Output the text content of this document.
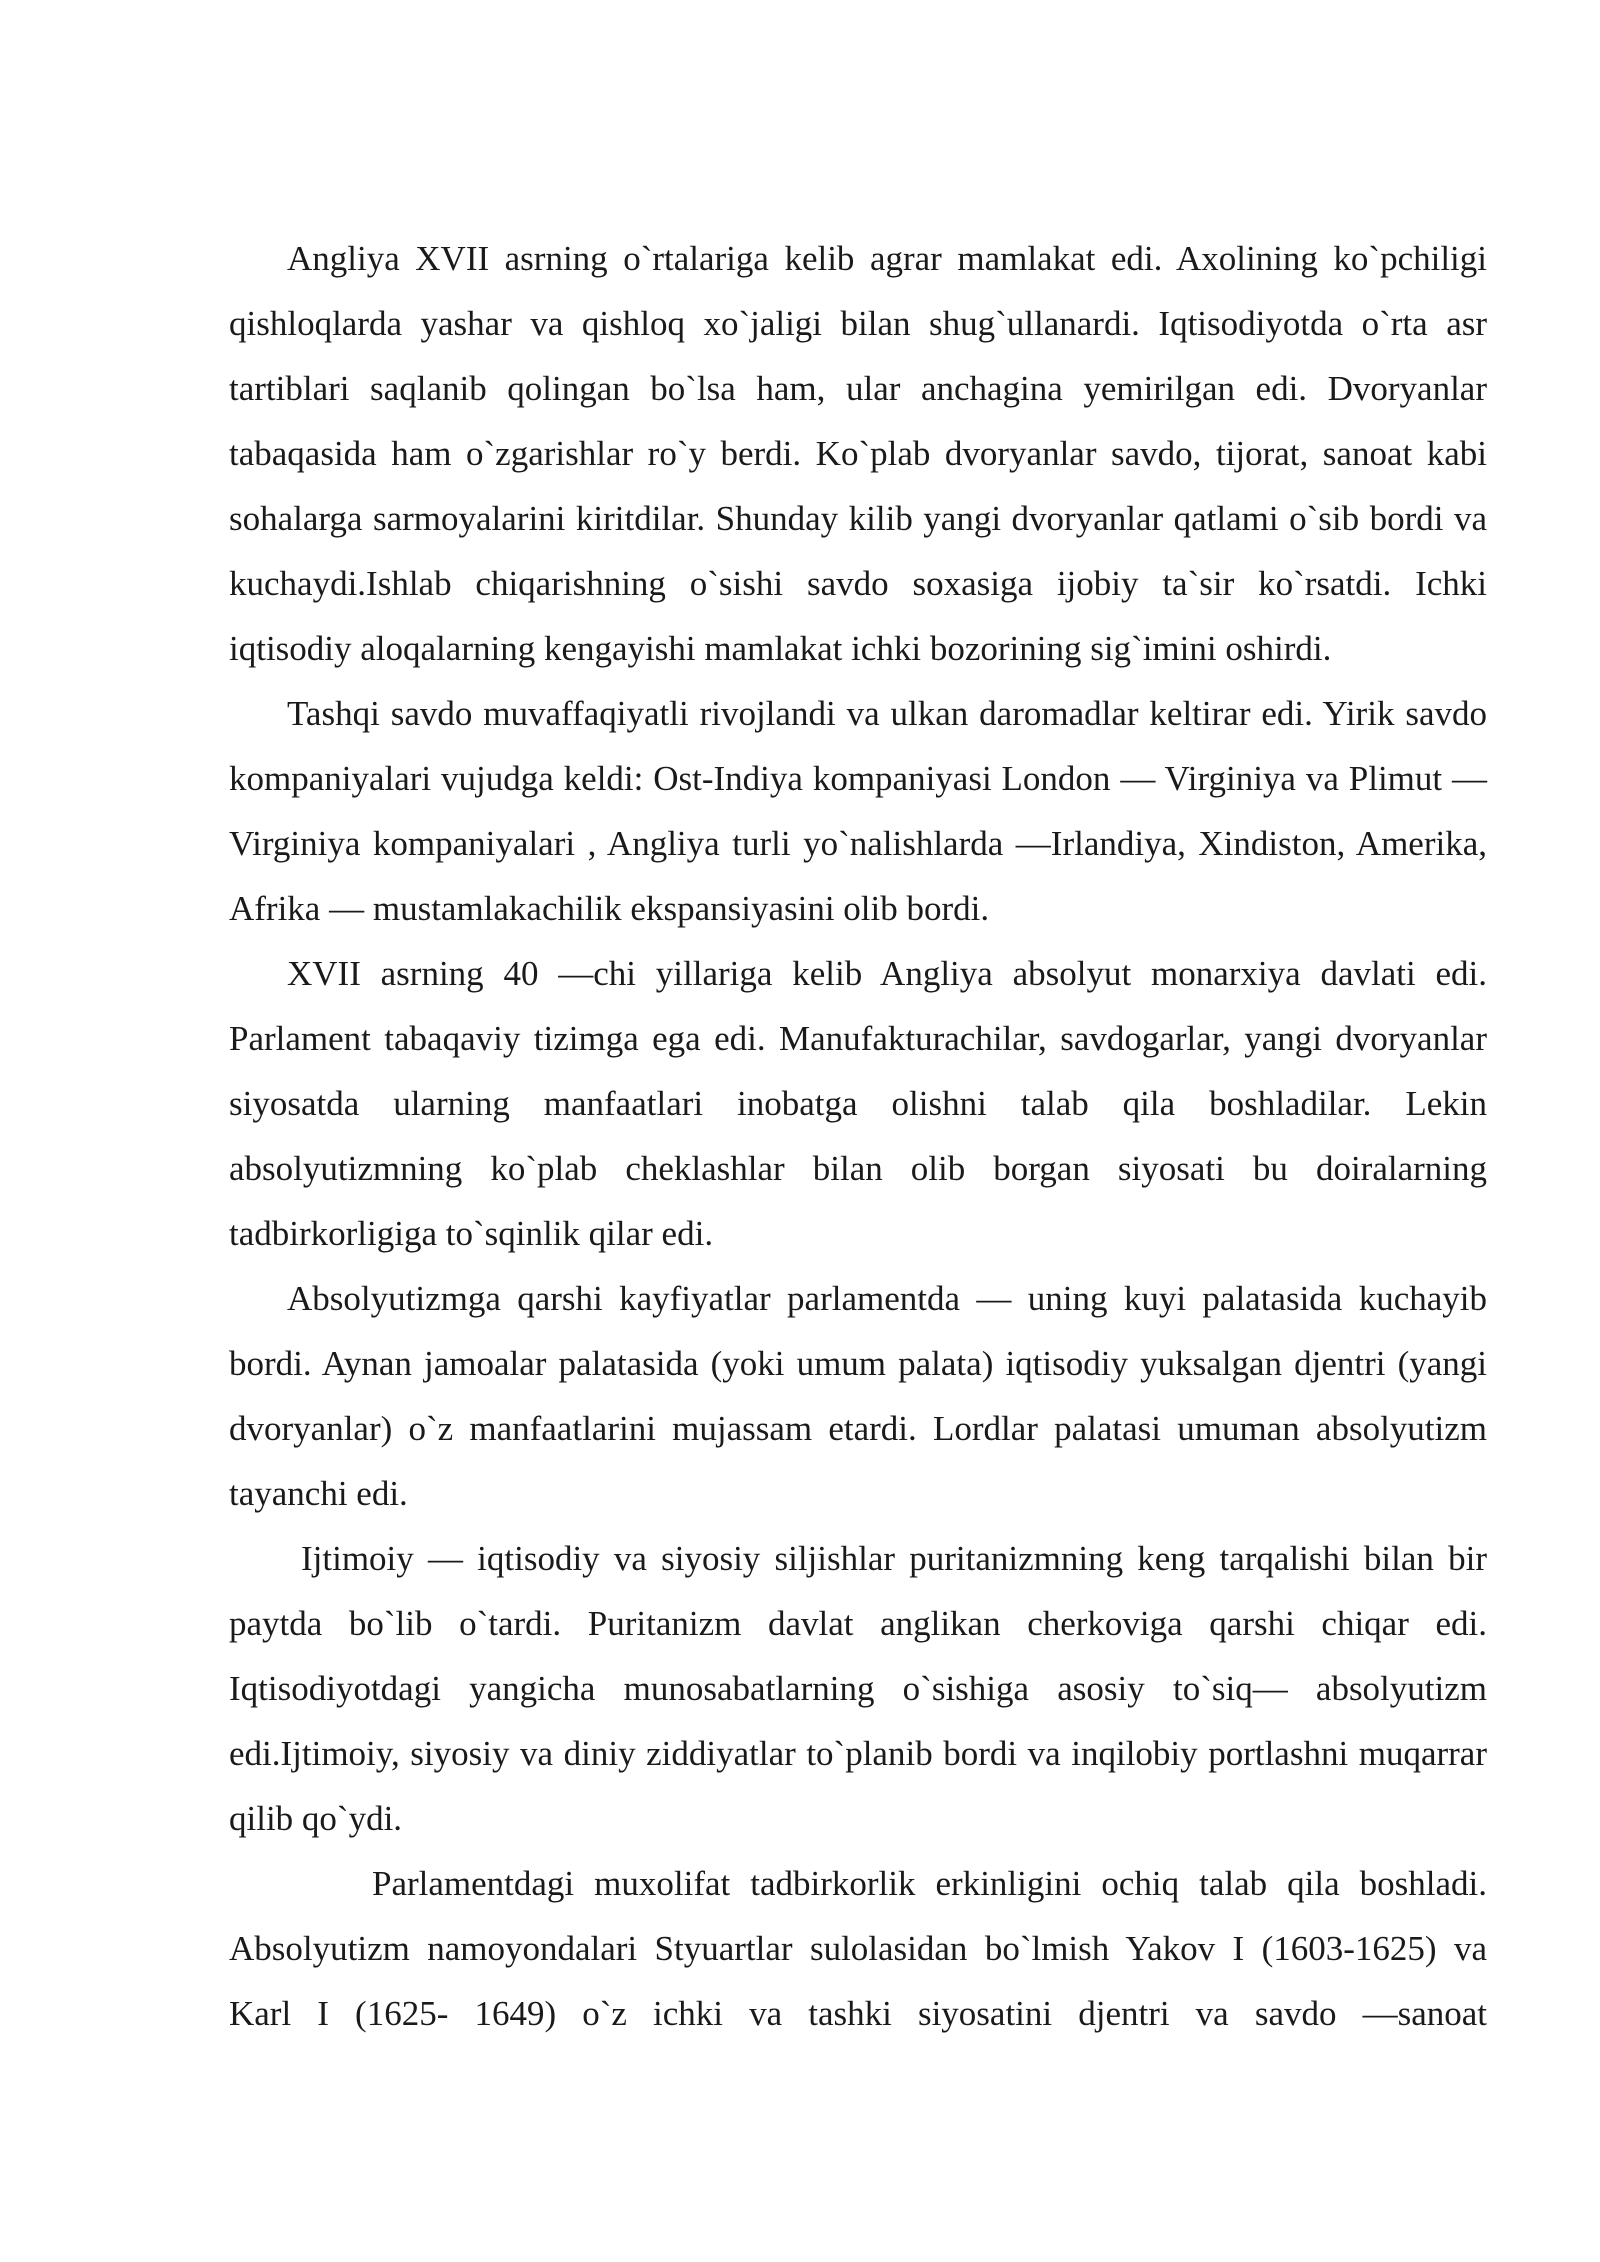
Angliya XVII asrning o`rtalariga kelib agrar mamlakat edi. Axolining ko`pchiligi qishloqlarda yashar va qishloq xo`jaligi bilan shug`ullanardi. Iqtisodiyotda o`rta asr tartiblari saqlanib qolingan bo`lsa ham, ular anchagina yemirilgan edi. Dvoryanlar tabaqasida ham o`zgarishlar ro`y berdi. Ko`plab dvoryanlar savdo, tijorat, sanoat kabi sohalarga sarmoyalarini kiritdilar. Shunday kilib yangi dvoryanlar qatlami o`sib bordi va kuchaydi.Ishlab chiqarishning o`sishi savdo soxasiga ijobiy ta`sir ko`rsatdi. Ichki iqtisodiy aloqalarning kengayishi mamlakat ichki bozorining sig`imini oshirdi.

Tashqi savdo muvaffaqiyatli rivojlandi va ulkan daromadlar keltirar edi. Yirik savdo kompaniyalari vujudga keldi: Ost-Indiya kompaniyasi London — Virginiya va Plimut — Virginiya kompaniyalari , Angliya turli yo`nalishlarda —Irlandiya, Xindiston, Amerika, Afrika — mustamlakachilik ekspansiyasini olib bordi.

XVII asrning 40 —chi yillariga kelib Angliya absolyut monarxiya davlati edi. Parlament tabaqaviy tizimga ega edi. Manufakturachilar, savdogarlar, yangi dvoryanlar siyosatda ularning manfaatlari inobatga olishni talab qila boshladilar. Lekin absolyutizmning ko`plab cheklashlar bilan olib borgan siyosati bu doiralarning tadbirkorligiga to`sqinlik qilar edi.

Absolyutizmga qarshi kayfiyatlar parlamentda — uning kuyi palatasida kuchayib bordi. Aynan jamoalar palatasida (yoki umum palata) iqtisodiy yuksalgan djentri (yangi dvoryanlar) o`z manfaatlarini mujassam etardi. Lordlar palatasi umuman absolyutizm tayanchi edi.

Ijtimoiy — iqtisodiy va siyosiy siljishlar puritanizmning keng tarqalishi bilan bir paytda bo`lib o`tardi. Puritanizm davlat anglikan cherkoviga qarshi chiqar edi. Iqtisodiyotdagi yangicha munosabatlarning o`sishiga asosiy to`siq— absolyutizm edi.Ijtimoiy, siyosiy va diniy ziddiyatlar to`planib bordi va inqilobiy portlashni muqarrar qilib qo`ydi.

Parlamentdagi muxolifat tadbirkorlik erkinligini ochiq talab qila boshladi. Absolyutizm namoyondalari Styuartlar sulolasidan bo`lmish Yakov I (1603-1625) va Karl I (1625- 1649) o`z ichki va tashki siyosatini djentri va savdo —sanoat
